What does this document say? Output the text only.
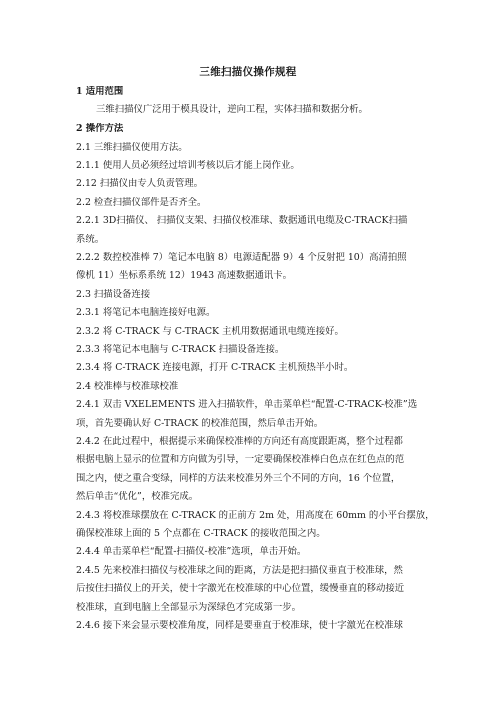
三维扫描仪操作规程
1 适用范围
三维扫描仪广泛用于模具设计，逆向工程，实体扫描和数据分析。
2 操作方法
2.1 三维扫描仪使用方法。
2.1.1 使用人员必须经过培训考核以后才能上岗作业。
2.12 扫描仪由专人负责管理。
2.2 检查扫描仪部件是否齐全。
2.2.1 3D扫描仪、 扫描仪支架、扫描仪校准球、数据通讯电缆及C-TRACK扫描
系统。
2.2.2 数控校准棒 7）笔记本电脑 8）电源适配器 9）4 个反射把 10）高清拍照
像机 11）坐标系系统 12）1943 高速数据通讯卡。
2.3 扫描设备连接
2.3.1 将笔记本电脑连接好电源。
2.3.2 将 C-TRACK 与 C-TRACK 主机用数据通讯电缆连接好。
2.3.3 将笔记本电脑与 C-TRACK 扫描设备连接。
2.3.4 将 C-TRACK 连接电源，打开 C-TRACK 主机预热半小时。
2.4 校准棒与校准球校准
2.4.1 双击 VXELEMENTS 进入扫描软件，单击菜单栏“配置-C-TRACK-校准”选
项，首先要确认好 C-TRACK 的校准范围，然后单击开始。
2.4.2 在此过程中，根据提示来确保校准棒的方向还有高度跟距离，整个过程都
根据电脑上显示的位置和方向做为引导，一定要确保校准棒白色点在红色点的范
围之内，使之重合变绿，同样的方法来校准另外三个不同的方向，16 个位置，
然后单击“优化”，校准完成。
2.4.3 将校准球摆放在 C-TRACK 的正前方 2m 处，用高度在 60mm 的小平台摆放，
确保校准球上面的 5 个点都在 C-TRACK 的接收范围之内。
2.4.4 单击菜单栏“配置-扫描仪-校准”选项，单击开始。
2.4.5 先来校准扫描仪与校准球之间的距离，方法是把扫描仪垂直于校准球，然
后按住扫描仪上的开关，使十字激光在校准球的中心位置，缓慢垂直的移动接近
校准球，直到电脑上全部显示为深绿色才完成第一步。
2.4.6 接下来会显示要校准角度，同样是要垂直于校准球，使十字激光在校准球
